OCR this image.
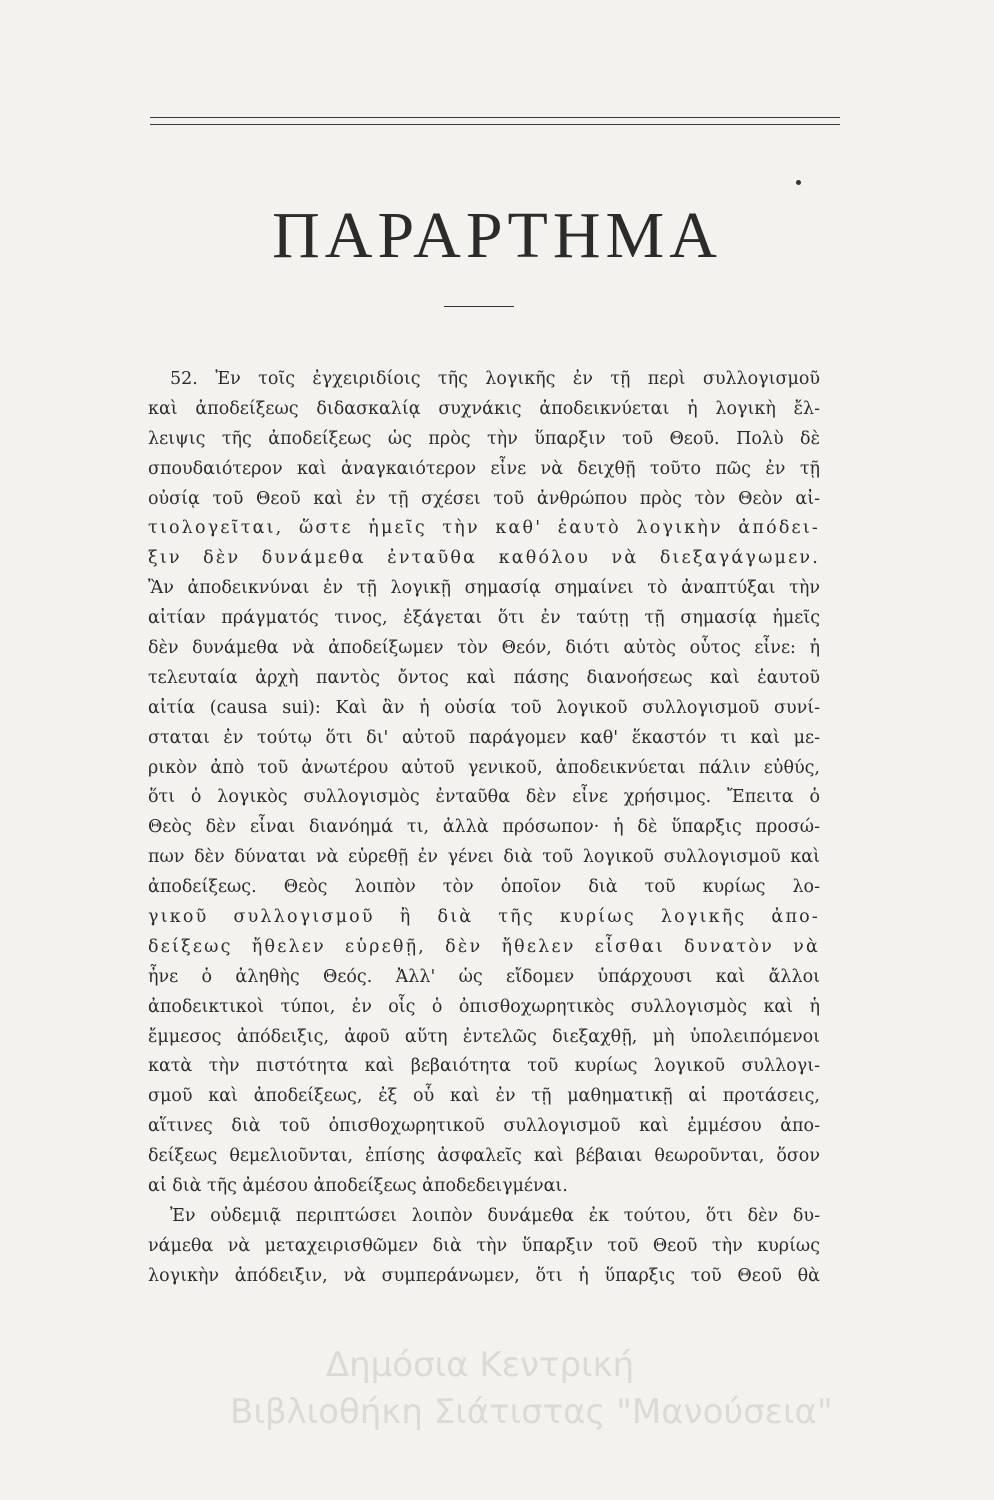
ΠΑΡΑΡΤΗΜΑ
52. Ἐν τοῖς ἐγχειριδίοις τῆς λογικῆς ἐν τῇ περὶ συλλογισμοῦ
καὶ ἀποδείξεως διδασκαλίᾳ συχνάκις ἀποδεικνύεται ἡ λογικὴ ἔλ-
λειψις τῆς ἀποδείξεως ὡς πρὸς τὴν ὕπαρξιν τοῦ Θεοῦ. Πολὺ δὲ
σπουδαιότερον καὶ ἀναγκαιότερον εἶνε νὰ δειχθῇ τοῦτο πῶς ἐν τῇ
οὐσίᾳ τοῦ Θεοῦ καὶ ἐν τῇ σχέσει τοῦ ἀνθρώπου πρὸς τὸν Θεὸν αἰ-
τιολογεῖται, ὥστε ἡμεῖς τὴν καθ' ἑαυτὸ λογικὴν ἀπόδει-
ξιν δὲν δυνάμεθα ἐνταῦθα καθόλου νὰ διεξαγάγωμεν.
Ἂν ἀποδεικνύναι ἐν τῇ λογικῇ σημασίᾳ σημαίνει τὸ ἀναπτύξαι τὴν
αἰτίαν πράγματός τινος, ἐξάγεται ὅτι ἐν ταύτῃ τῇ σημασίᾳ ἡμεῖς
δὲν δυνάμεθα νὰ ἀποδείξωμεν τὸν Θεόν, διότι αὐτὸς οὗτος εἶνε: ἡ
τελευταία ἀρχὴ παντὸς ὄντος καὶ πάσης διανοήσεως καὶ ἑαυτοῦ
αἰτία (causa sui): Καὶ ἂν ἡ οὐσία τοῦ λογικοῦ συλλογισμοῦ συνί-
σταται ἐν τούτῳ ὅτι δι' αὐτοῦ παράγομεν καθ' ἕκαστόν τι καὶ με-
ρικὸν ἀπὸ τοῦ ἀνωτέρου αὐτοῦ γενικοῦ, ἀποδεικνύεται πάλιν εὐθύς,
ὅτι ὁ λογικὸς συλλογισμὸς ἐνταῦθα δὲν εἶνε χρήσιμος. Ἔπειτα ὁ
Θεὸς δὲν εἶναι διανόημά τι, ἀλλὰ πρόσωπον· ἡ δὲ ὕπαρξις προσώ-
πων δὲν δύναται νὰ εὑρεθῇ ἐν γένει διὰ τοῦ λογικοῦ συλλογισμοῦ καὶ
ἀποδείξεως. Θεὸς λοιπὸν τὸν ὁποῖον διὰ τοῦ κυρίως λο-
γικοῦ συλλογισμοῦ ἢ διὰ τῆς κυρίως λογικῆς ἀπο-
δείξεως ἤθελεν εὑρεθῇ, δὲν ἤθελεν εἶσθαι δυνατὸν νὰ
ἦνε ὁ ἀληθὴς Θεός. Ἀλλ' ὡς εἴδομεν ὑπάρχουσι καὶ ἄλλοι
ἀποδεικτικοὶ τύποι, ἐν οἷς ὁ ὀπισθοχωρητικὸς συλλογισμὸς καὶ ἡ
ἔμμεσος ἀπόδειξις, ἀφοῦ αὕτη ἐντελῶς διεξαχθῇ, μὴ ὑπολειπόμενοι
κατὰ τὴν πιστότητα καὶ βεβαιότητα τοῦ κυρίως λογικοῦ συλλογι-
σμοῦ καὶ ἀποδείξεως, ἐξ οὗ καὶ ἐν τῇ μαθηματικῇ αἱ προτάσεις,
αἵτινες διὰ τοῦ ὀπισθοχωρητικοῦ συλλογισμοῦ καὶ ἐμμέσου ἀπο-
δείξεως θεμελιοῦνται, ἐπίσης ἀσφαλεῖς καὶ βέβαιαι θεωροῦνται, ὅσον
αἱ διὰ τῆς ἀμέσου ἀποδείξεως ἀποδεδειγμέναι.
Ἐν οὐδεμιᾷ περιπτώσει λοιπὸν δυνάμεθα ἐκ τούτου, ὅτι δὲν δυ-
νάμεθα νὰ μεταχειρισθῶμεν διὰ τὴν ὕπαρξιν τοῦ Θεοῦ τὴν κυρίως
λογικὴν ἀπόδειξιν, νὰ συμπεράνωμεν, ὅτι ἡ ὕπαρξις τοῦ Θεοῦ θὰ

Δημόσια Κεντρική

Βιβλιοθήκη Σιάτιστας "Μανούσεια"
